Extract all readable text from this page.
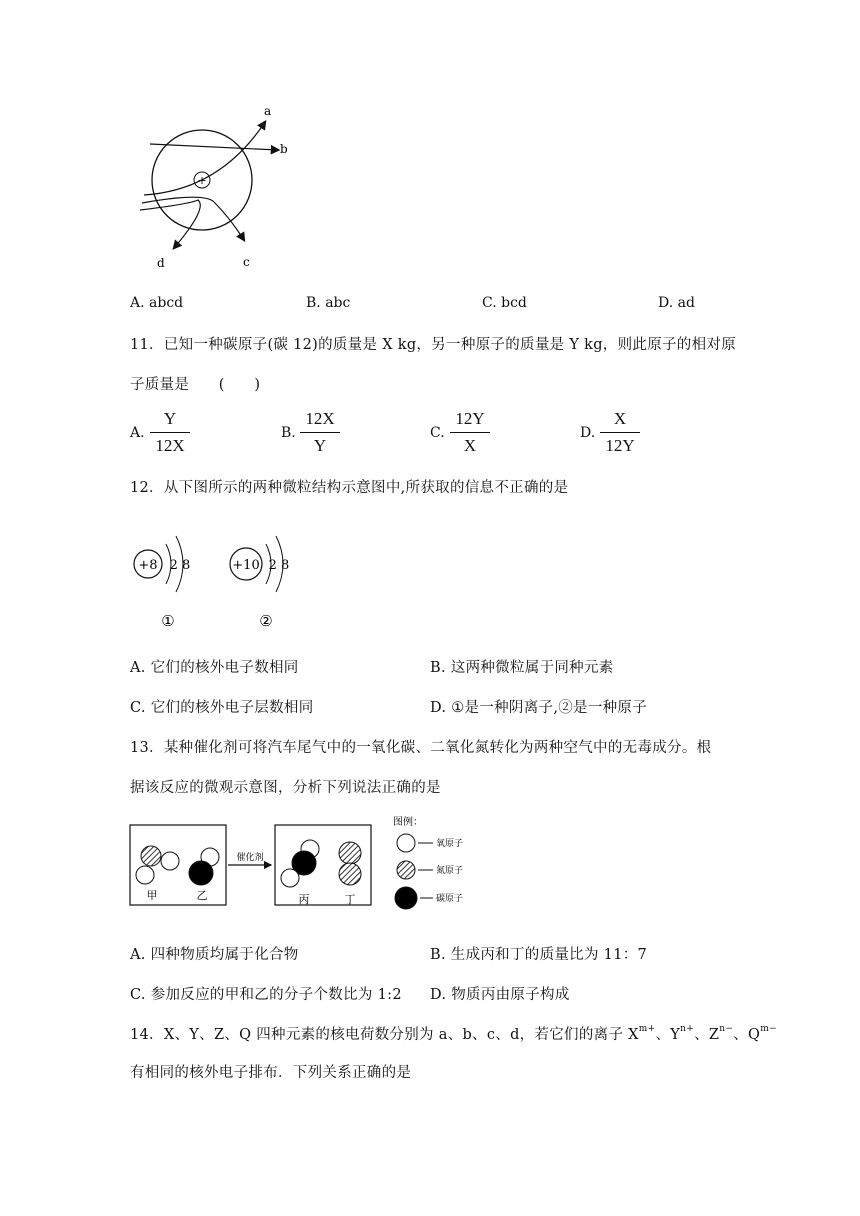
+
a
b
c
d
A. abcd	B. abc	C. bcd	D. ad
11．已知一种碳原子(碳 12)的质量是 X kg，另一种原子的质量是 Y kg，则此原子的相对原
子质量是　　(　　)
A.
Y
12X
B.
12X
Y
C.
12Y
X
D.
X
12Y
12．从下图所示的两种微粒结构示意图中,所获取的信息不正确的是
+8 2 8
①
+10 2 8
②
A. 它们的核外电子数相同	B. 这两种微粒属于同种元素
C. 它们的核外电子层数相同	D. ①是一种阴离子,②是一种原子
13．某种催化剂可将汽车尾气中的一氧化碳、二氧化氮转化为两种空气中的无毒成分。根
据该反应的微观示意图，分析下列说法正确的是
甲	乙
催化剂
丙	丁
图例：
氧原子
氮原子
碳原子
A. 四种物质均属于化合物	B. 生成丙和丁的质量比为 11：7
C. 参加反应的甲和乙的分子个数比为 1:2 D. 物质丙由原子构成
14．X、Y、Z、Q 四种元素的核电荷数分别为 a、b、c、d，若它们的离子 $X^{m+}$、$Y^{n+}$、$Z^{n-}$、$Q^{m-}$
有相同的核外电子排布．下列关系正确的是
